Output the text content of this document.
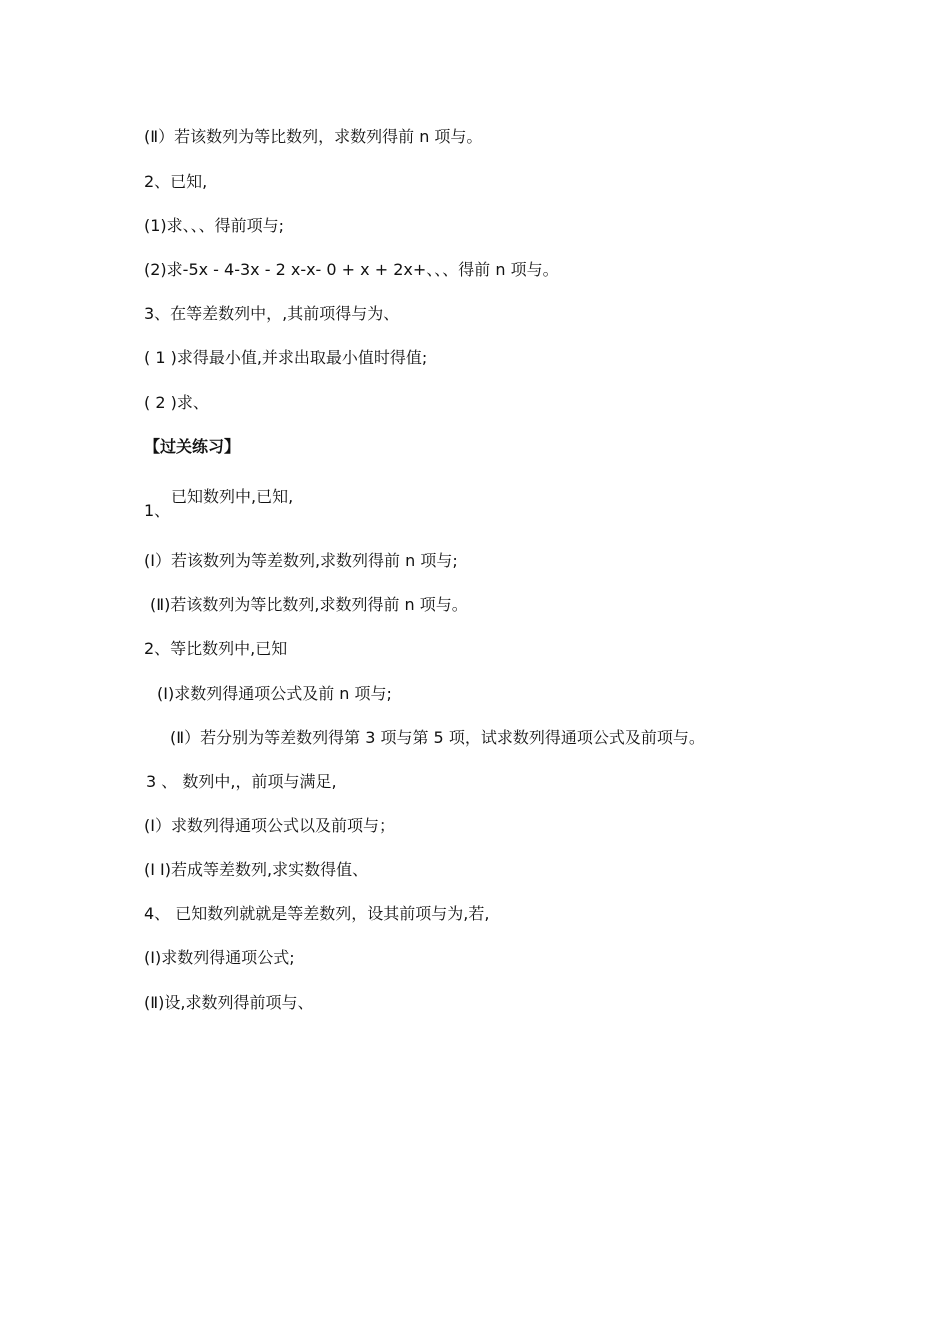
(Ⅱ）若该数列为等比数列，求数列得前 n 项与。
2、已知,
(1)求、、、得前项与;
(2)求-5x - 4-3x - 2 x-x- 0 + x + 2x+、、、得前 n 项与。
3、在等差数列中，,其前项得与为、
( 1 )求得最小值,并求出取最小值时得值;
( 2 )求、
【过关练习】
已知数列中,已知,
1、
(Ⅰ）若该数列为等差数列,求数列得前 n 项与;
(Ⅱ)若该数列为等比数列,求数列得前 n 项与。
2、等比数列中,已知
(Ⅰ)求数列得通项公式及前 n 项与;
(Ⅱ）若分别为等差数列得第 3 项与第 5 项，试求数列得通项公式及前项与。
3 、 数列中,，前项与满足,
(Ⅰ）求数列得通项公式以及前项与；
(Ⅰ I)若成等差数列,求实数得值、
4、 已知数列就就是等差数列，设其前项与为,若,
(Ⅰ)求数列得通项公式;
(Ⅱ)设,求数列得前项与、
